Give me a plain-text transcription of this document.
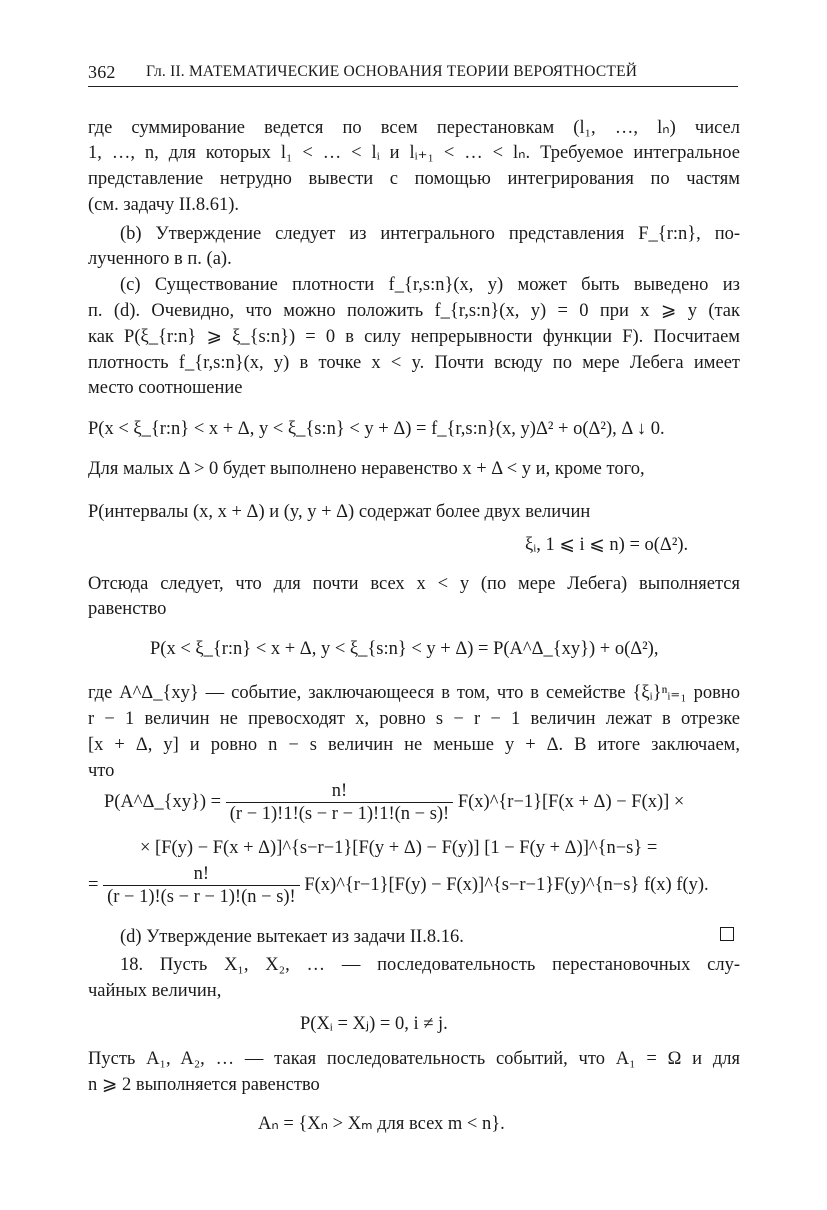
362 Гл. II. МАТЕМАТИЧЕСКИЕ ОСНОВАНИЯ ТЕОРИИ ВЕРОЯТНОСТЕЙ
где суммирование ведется по всем перестановкам (l₁, …, lₙ) чисел
1, …, n, для которых l₁ < … < lᵢ и lᵢ₊₁ < … < lₙ. Требуемое интегральное
представление нетрудно вывести с помощью интегрирования по частям
(см. задачу II.8.61).
(b) Утверждение следует из интегрального представления F_{r:n}, по-
лученного в п. (а).
(c) Существование плотности f_{r,s:n}(x, y) может быть выведено из
п. (d). Очевидно, что можно положить f_{r,s:n}(x, y) = 0 при x ⩾ y (так
как P(ξ_{r:n} ⩾ ξ_{s:n}) = 0 в силу непрерывности функции F). Посчитаем
плотность f_{r,s:n}(x, y) в точке x < y. Почти всюду по мере Лебега имеет
место соотношение
P(x < ξ_{r:n} < x + Δ, y < ξ_{s:n} < y + Δ) = f_{r,s:n}(x, y)Δ² + o(Δ²), Δ ↓ 0.
Для малых Δ > 0 будет выполнено неравенство x + Δ < y и, кроме того,
P(интервалы (x, x + Δ) и (y, y + Δ) содержат более двух величин
ξᵢ, 1 ⩽ i ⩽ n) = o(Δ²).
Отсюда следует, что для почти всех x < y (по мере Лебега) выполняется
равенство
P(x < ξ_{r:n} < x + Δ, y < ξ_{s:n} < y + Δ) = P(A^Δ_{xy}) + o(Δ²),
где A^Δ_{xy} — событие, заключающееся в том, что в семействе {ξᵢ}ⁿᵢ₌₁ ровно
r − 1 величин не превосходят x, ровно s − r − 1 величин лежат в отрезке
[x + Δ, y] и ровно n − s величин не меньше y + Δ. В итоге заключаем,
что
P(A^Δ_{xy}) = $\frac{n!}{(r - 1)!1!(s - r - 1)!1!(n - s)!}$ F(x)^{r−1}[F(x + Δ) − F(x)] ×
× [F(y) − F(x + Δ)]^{s−r−1}[F(y + Δ) − F(y)] [1 − F(y + Δ)]^{n−s} =
= $\frac{n!}{(r - 1)!(s - r - 1)!(n - s)!}$ F(x)^{r−1}[F(y) − F(x)]^{s−r−1}F(y)^{n−s} f(x) f(y).
(d) Утверждение вытекает из задачи II.8.16.
18. Пусть X₁, X₂, … — последовательность перестановочных слу-
чайных величин,
P(Xᵢ = Xⱼ) = 0, i ≠ j.
Пусть A₁, A₂, … — такая последовательность событий, что A₁ = Ω и для
n ⩾ 2 выполняется равенство
Aₙ = {Xₙ > Xₘ для всех m < n}.
